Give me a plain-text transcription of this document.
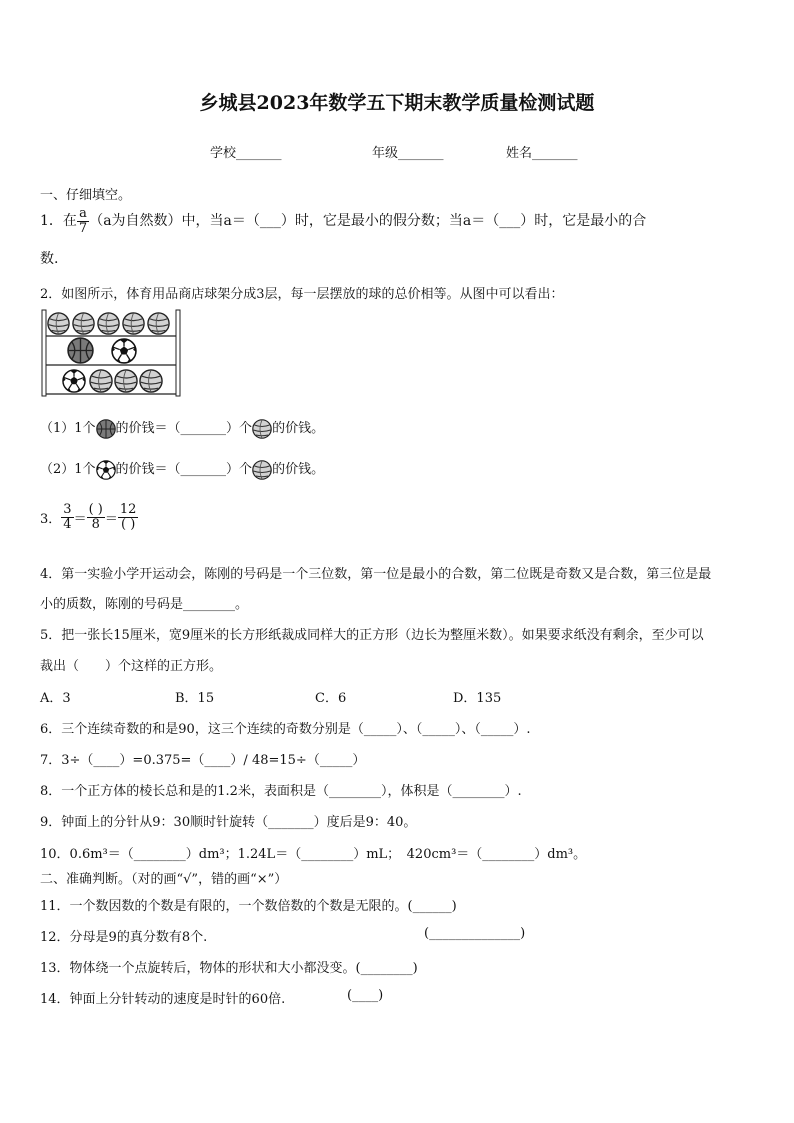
乡城县2023年数学五下期末教学质量检测试题
学校_______	年级_______	姓名_______
一、仔细填空。
1．在 $\frac{a}{7} (a$为自然数）中，当a＝（___）时，它是最小的假分数；当a＝（___）时，它是最小的合
数.
2．如图所示，体育用品商店球架分成3层，每一层摆放的球的总价相等。从图中可以看出：
（1）1个 的价钱＝（_______）个 的价钱。
（2）1个 的价钱＝（_______）个 的价钱。
3． $\frac{3}{4} = \frac{( )}{8} = \frac{12}{( )}$
4．第一实验小学开运动会，陈刚的号码是一个三位数，第一位是最小的合数，第二位既是奇数又是合数，第三位是最
小的质数，陈刚的号码是________。
5．把一张长15厘米，宽9厘米的长方形纸裁成同样大的正方形（边长为整厘米数）。如果要求纸没有剩余，至少可以
裁出（　　）个这样的正方形。
A．3	B．15	C．6	D．135
6．三个连续奇数的和是90，这三个连续的奇数分别是（_____）、（_____）、（_____）.
7．3÷（____）=0.375=（____）/ 48=15÷（_____）
8．一个正方体的棱长总和是的1.2米，表面积是（________），体积是（________）.
9．钟面上的分针从9：30顺时针旋转（_______）度后是9：40。
10．0.6m³＝（________）dm³；1.24L＝（________）mL；　420cm³＝（________）dm³。
二、准确判断。（对的画“√”，错的画“×”）
11．一个数因数的个数是有限的，一个数倍数的个数是无限的。(______)
12．分母是9的真分数有8个.	(______________)
13．物体绕一个点旋转后，物体的形状和大小都没变。(________)
14．钟面上分针转动的速度是时针的60倍.	(____)
